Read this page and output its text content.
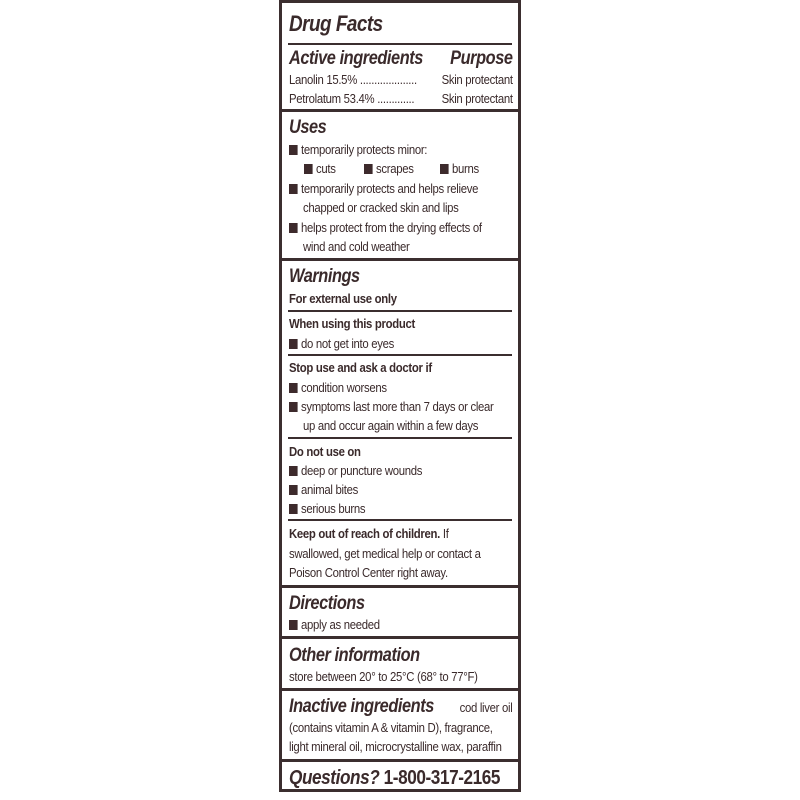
Drug Facts
Active ingredients Purpose
Lanolin 15.5% .................... Skin protectant
Petrolatum 53.4% ............. Skin protectant
Uses
temporarily protects minor:
cuts	scrapes	burns
temporarily protects and helps relieve
chapped or cracked skin and lips
helps protect from the drying effects of
wind and cold weather
Warnings
For external use only
When using this product
do not get into eyes
Stop use and ask a doctor if
condition worsens
symptoms last more than 7 days or clear
up and occur again within a few days
Do not use on
deep or puncture wounds
animal bites
serious burns
Keep out of reach of children. If
swallowed, get medical help or contact a
Poison Control Center right away.
Directions
apply as needed
Other information
store between 20° to 25°C (68° to 77°F)
Inactive ingredients cod liver oil
(contains vitamin A & vitamin D), fragrance,
light mineral oil, microcrystalline wax, paraffin
Questions? 1-800-317-2165
